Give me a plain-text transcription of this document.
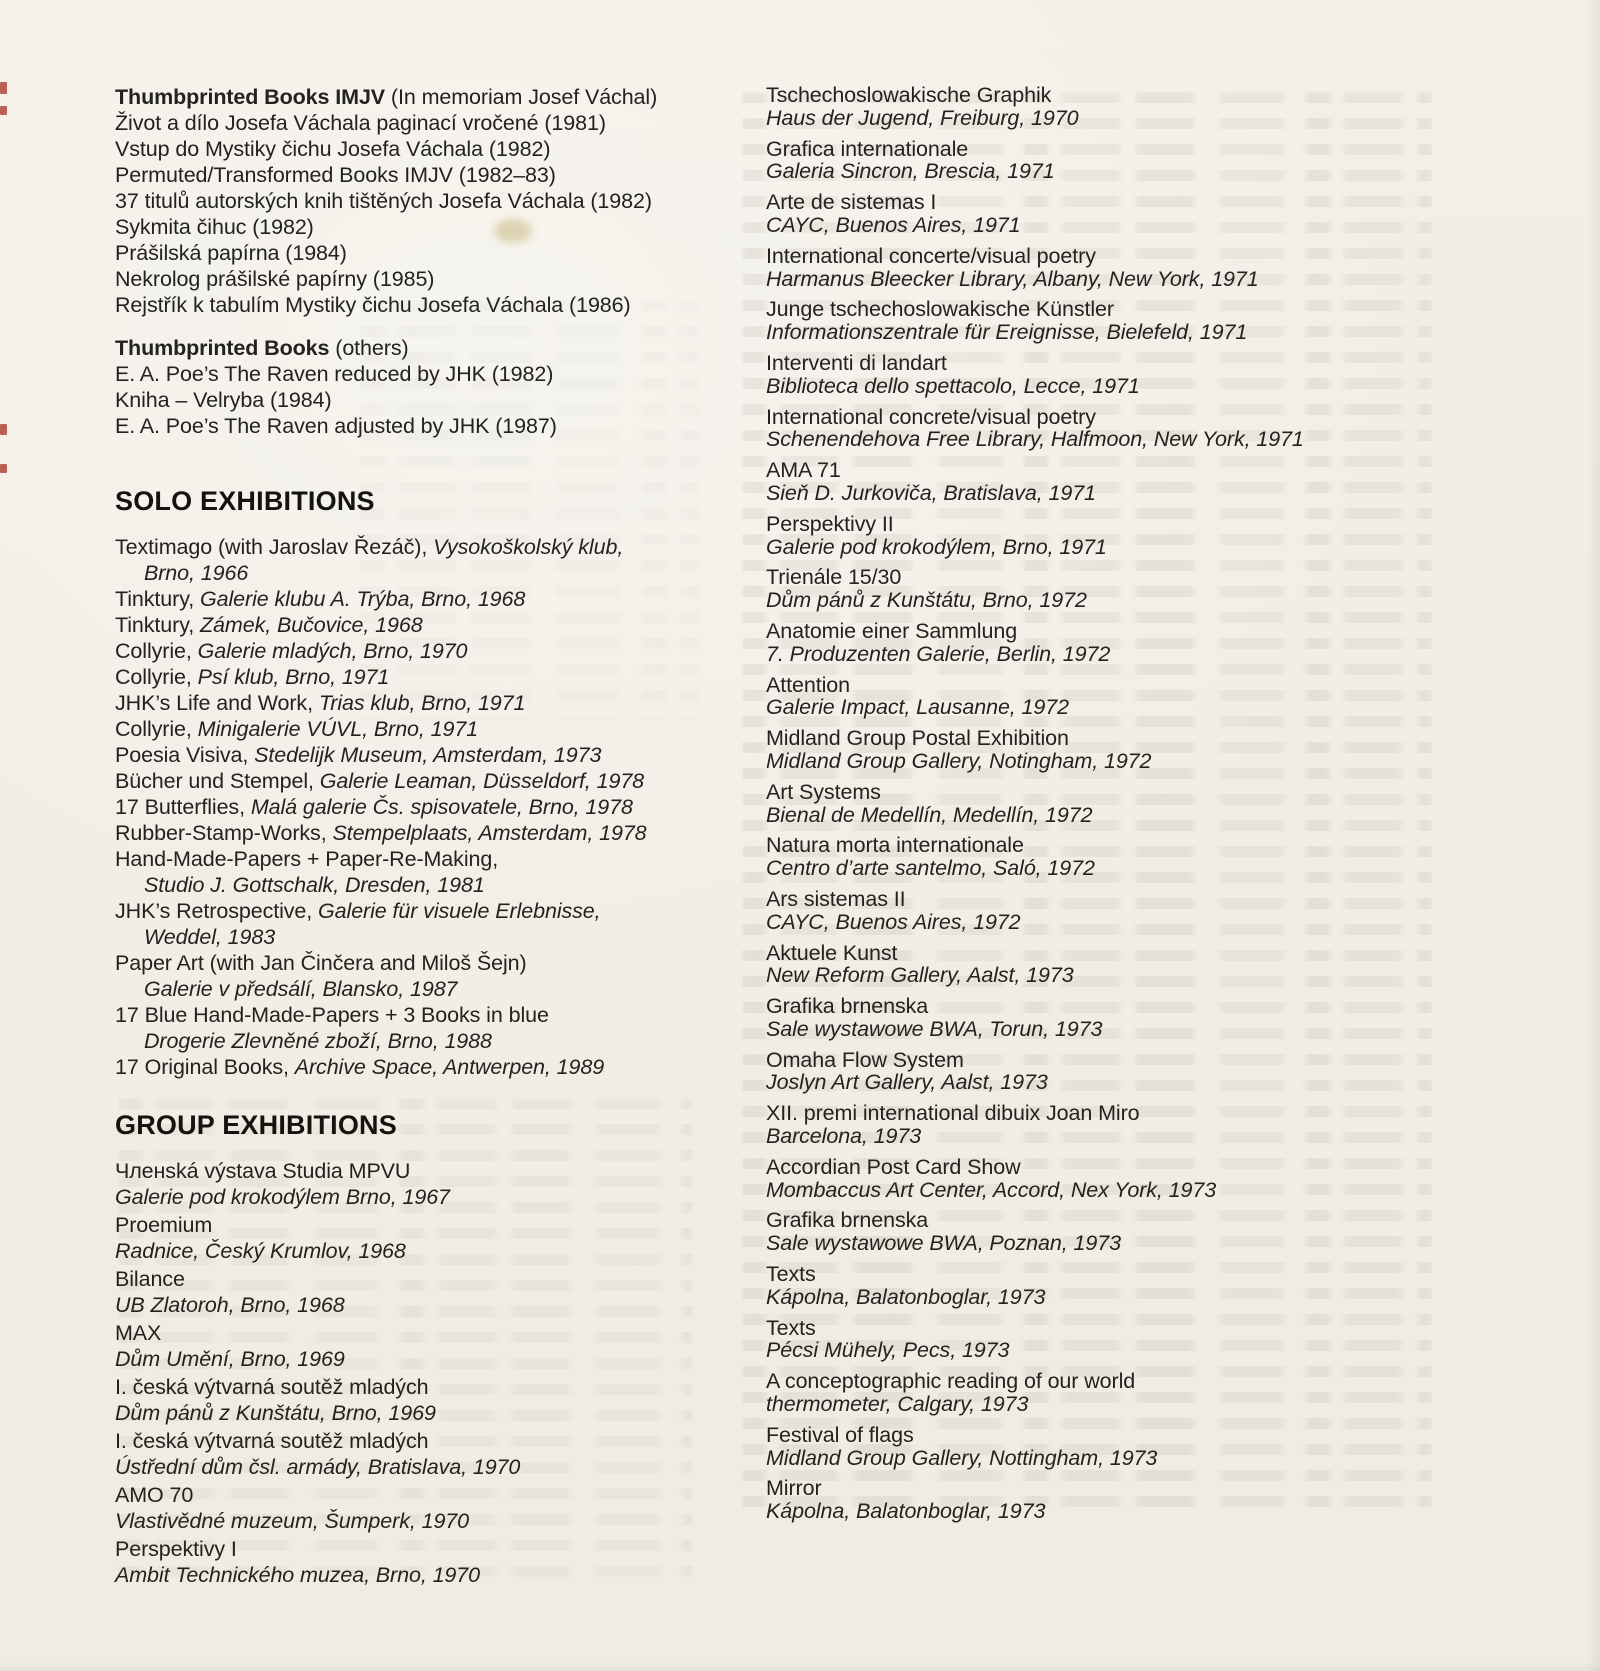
Thumbprinted Books IMJV (In memoriam Josef Váchal)
Život a dílo Josefa Váchala paginací vročené (1981)
Vstup do Mystiky čichu Josefa Váchala (1982)
Permuted/Transformed Books IMJV (1982–83)
37 titulů autorských knih tištěných Josefa Váchala (1982)
Sykmita čihuc (1982)
Prášilská papírna (1984)
Nekrolog prášilské papírny (1985)
Rejstřík k tabulím Mystiky čichu Josefa Váchala (1986)
Thumbprinted Books (others)
E. A. Poe’s The Raven reduced by JHK (1982)
Kniha – Velryba (1984)
E. A. Poe’s The Raven adjusted by JHK (1987)
SOLO EXHIBITIONS
Textimago (with Jaroslav Řezáč), Vysokoškolský klub,
Brno, 1966
Tinktury, Galerie klubu A. Trýba, Brno, 1968
Tinktury, Zámek, Bučovice, 1968
Collyrie, Galerie mladých, Brno, 1970
Collyrie, Psí klub, Brno, 1971
JHK’s Life and Work, Trias klub, Brno, 1971
Collyrie, Minigalerie VÚVL, Brno, 1971
Poesia Visiva, Stedelijk Museum, Amsterdam, 1973
Bücher und Stempel, Galerie Leaman, Düsseldorf, 1978
17 Butterflies, Malá galerie Čs. spisovatele, Brno, 1978
Rubber-Stamp-Works, Stempelplaats, Amsterdam, 1978
Hand-Made-Papers + Paper-Re-Making,
Studio J. Gottschalk, Dresden, 1981
JHK’s Retrospective, Galerie für visuele Erlebnisse,
Weddel, 1983
Paper Art (with Jan Činčera and Miloš Šejn)
Galerie v předsálí, Blansko, 1987
17 Blue Hand-Made-Papers + 3 Books in blue
Drogerie Zlevněné zboží, Brno, 1988
17 Original Books, Archive Space, Antwerpen, 1989
GROUP EXHIBITIONS
Членská výstava Studia MPVU
Galerie pod krokodýlem Brno, 1967
Proemium
Radnice, Český Krumlov, 1968
Bilance
UB Zlatoroh, Brno, 1968
MAX
Dům Umění, Brno, 1969
I. česká výtvarná soutěž mladých
Dům pánů z Kunštátu, Brno, 1969
I. česká výtvarná soutěž mladých
Ústřední dům čsl. armády, Bratislava, 1970
AMO 70
Vlastivědné muzeum, Šumperk, 1970
Perspektivy I
Ambit Technického muzea, Brno, 1970
Tschechoslowakische Graphik
Haus der Jugend, Freiburg, 1970
Grafica internationale
Galeria Sincron, Brescia, 1971
Arte de sistemas I
CAYC, Buenos Aires, 1971
International concerte/visual poetry
Harmanus Bleecker Library, Albany, New York, 1971
Junge tschechoslowakische Künstler
Informationszentrale für Ereignisse, Bielefeld, 1971
Interventi di landart
Biblioteca dello spettacolo, Lecce, 1971
International concrete/visual poetry
Schenendehova Free Library, Halfmoon, New York, 1971
AMA 71
Sieň D. Jurkoviča, Bratislava, 1971
Perspektivy II
Galerie pod krokodýlem, Brno, 1971
Trienále 15/30
Dům pánů z Kunštátu, Brno, 1972
Anatomie einer Sammlung
7. Produzenten Galerie, Berlin, 1972
Attention
Galerie Impact, Lausanne, 1972
Midland Group Postal Exhibition
Midland Group Gallery, Notingham, 1972
Art Systems
Bienal de Medellín, Medellín, 1972
Natura morta internationale
Centro d’arte santelmo, Saló, 1972
Ars sistemas II
CAYC, Buenos Aires, 1972
Aktuele Kunst
New Reform Gallery, Aalst, 1973
Grafika brnenska
Sale wystawowe BWA, Torun, 1973
Omaha Flow System
Joslyn Art Gallery, Aalst, 1973
XII. premi international dibuix Joan Miro
Barcelona, 1973
Accordian Post Card Show
Mombaccus Art Center, Accord, Nex York, 1973
Grafika brnenska
Sale wystawowe BWA, Poznan, 1973
Texts
Kápolna, Balatonboglar, 1973
Texts
Pécsi Mühely, Pecs, 1973
A conceptographic reading of our world
thermometer, Calgary, 1973
Festival of flags
Midland Group Gallery, Nottingham, 1973
Mirror
Kápolna, Balatonboglar, 1973
